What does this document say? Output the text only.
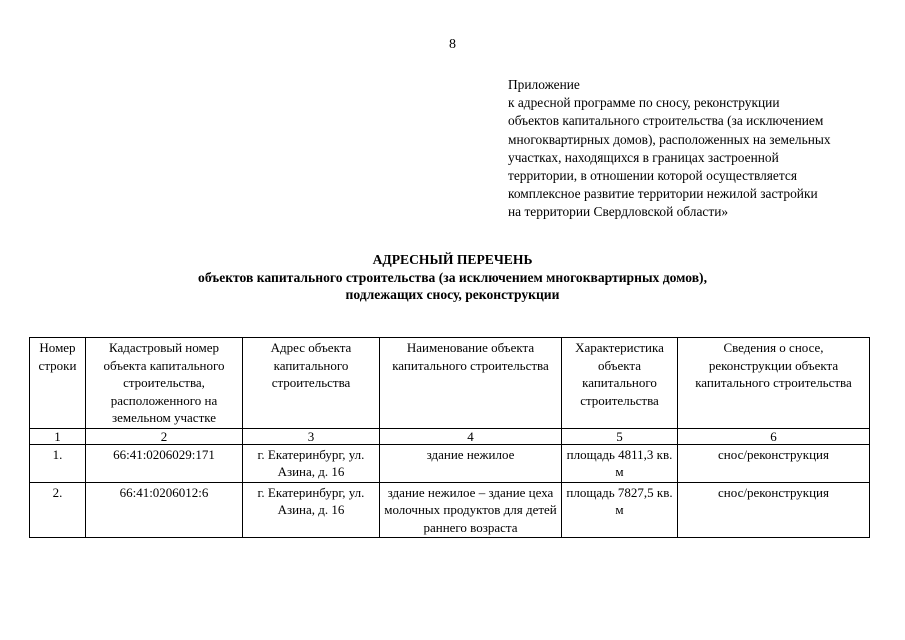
8
Приложение
к адресной программе по сносу, реконструкции
объектов капитального строительства (за исключением
многоквартирных домов), расположенных на земельных
участках, находящихся в границах застроенной
территории, в отношении которой осуществляется
комплексное развитие территории нежилой застройки
на территории Свердловской области»
АДРЕСНЫЙ ПЕРЕЧЕНЬ
объектов капитального строительства (за исключением многоквартирных домов),
подлежащих сносу, реконструкции
Номер строки	Кадастровый номер объекта капитального строительства, расположенного на земельном участке	Адрес объекта капитального строительства	Наименование объекта капитального строительства	Характеристика объекта капитального строительства	Сведения о сносе, реконструкции объекта капитального строительства
1	2	3	4	5	6
1.	66:41:0206029:171	г. Екатеринбург, ул. Азина, д. 16	здание нежилое	площадь 4811,3 кв. м	снос/реконструкция
2.	66:41:0206012:6	г. Екатеринбург, ул. Азина, д. 16	здание нежилое – здание цеха молочных продуктов для детей раннего возраста	площадь 7827,5 кв. м	снос/реконструкция
